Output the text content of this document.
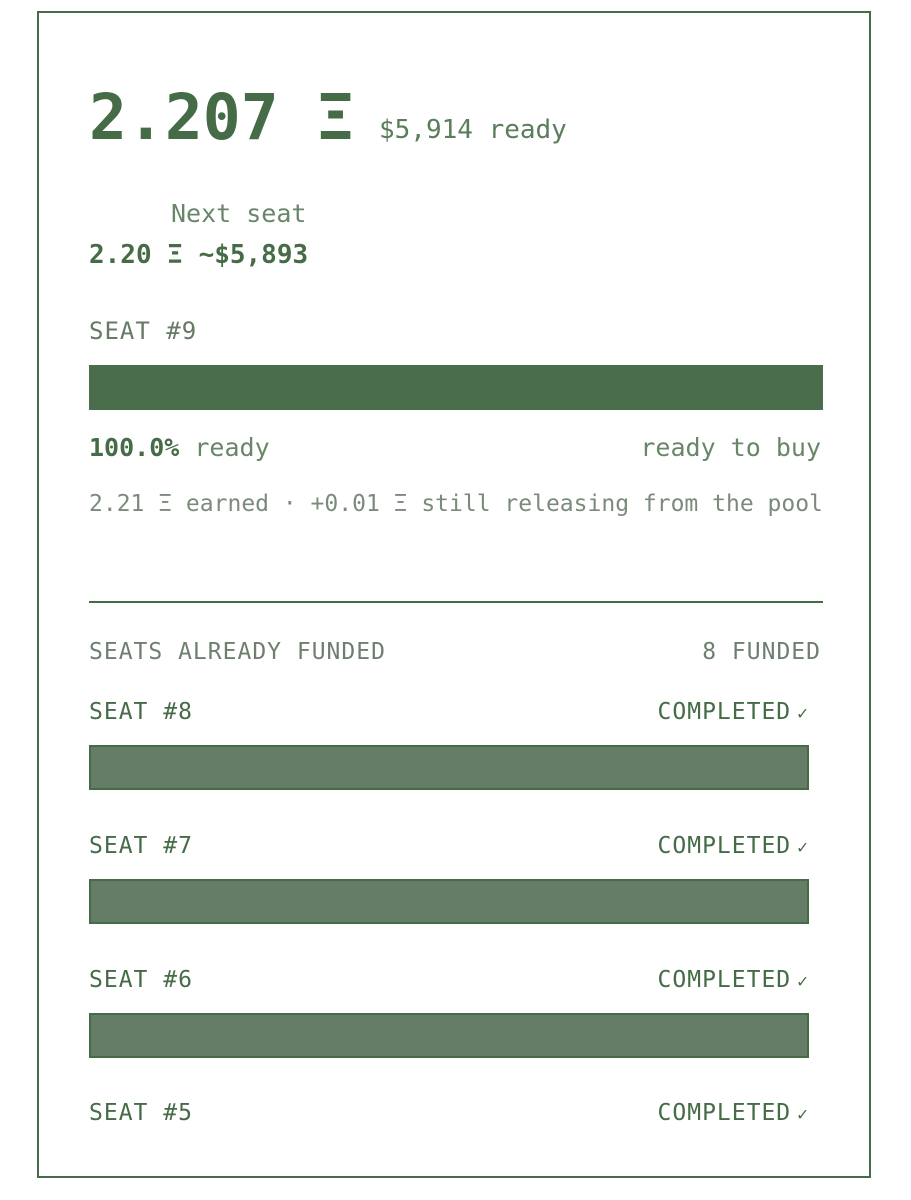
2.207 Ξ $5,914 ready
Next seat
2.20 Ξ ~$5,893
SEAT #9
100.0% ready	ready to buy
2.21 Ξ earned · +0.01 Ξ still releasing from the pool
SEATS ALREADY FUNDED	8 FUNDED
SEAT #8	COMPLETED ✓
SEAT #7	COMPLETED ✓
SEAT #6	COMPLETED ✓
SEAT #5	COMPLETED ✓
